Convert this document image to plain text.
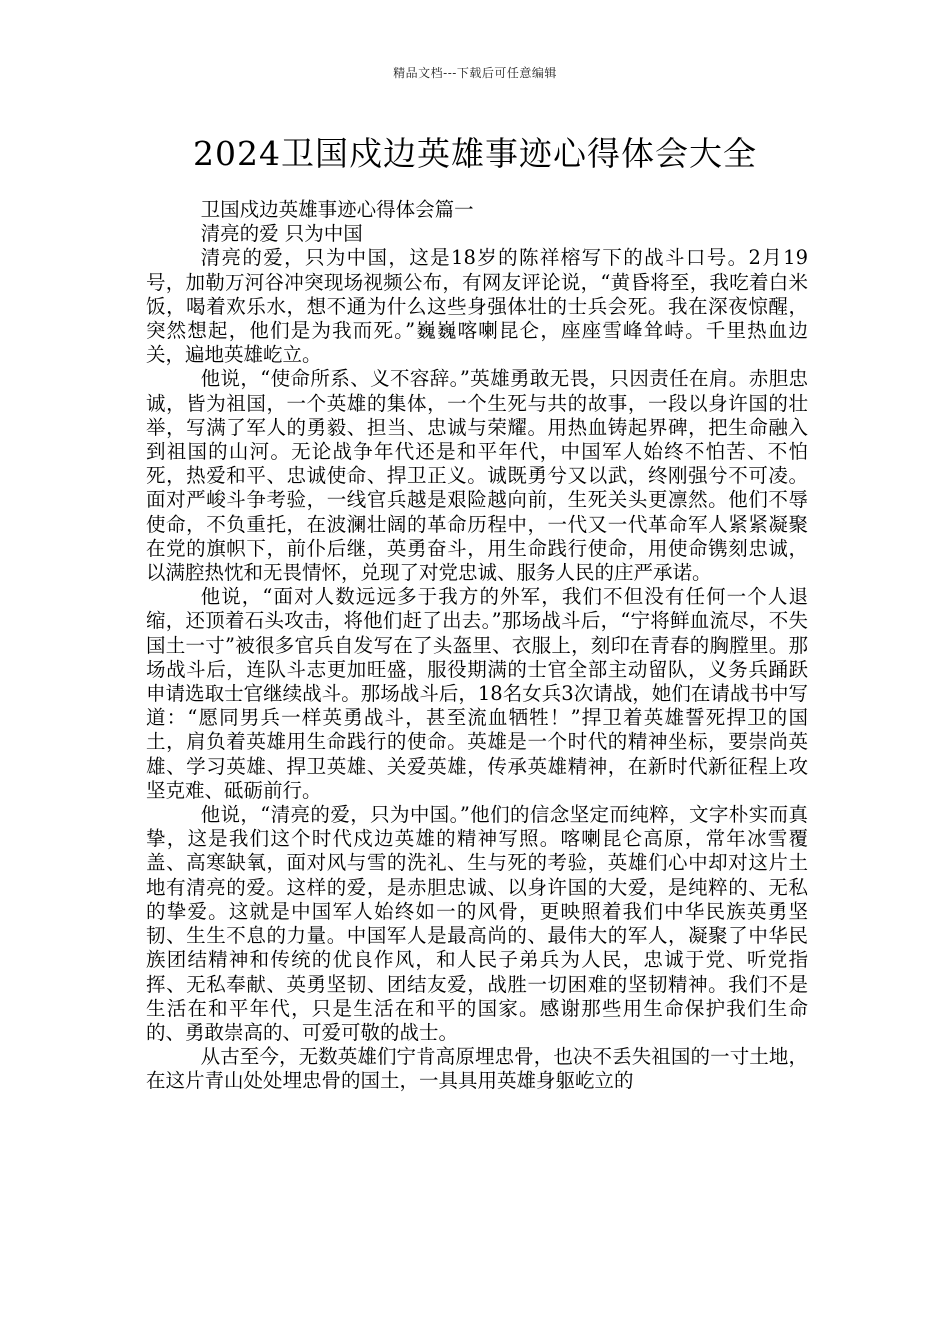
精品文档---下载后可任意编辑
2024卫国戍边英雄事迹心得体会大全

卫国戍边英雄事迹心得体会篇一

清亮的爱 只为中国

清亮的爱，只为中国，这是18岁的陈祥榕写下的战斗口号。2月19号，加勒万河谷冲突现场视频公布，有网友评论说，“黄昏将至，我吃着白米饭，喝着欢乐水，想不通为什么这些身强体壮的士兵会死。我在深夜惊醒，突然想起，他们是为我而死。”巍巍喀喇昆仑，座座雪峰耸峙。千里热血边关，遍地英雄屹立。

他说，“使命所系、义不容辞。”英雄勇敢无畏，只因责任在肩。赤胆忠诚，皆为祖国，一个英雄的集体，一个生死与共的故事，一段以身许国的壮举，写满了军人的勇毅、担当、忠诚与荣耀。用热血铸起界碑，把生命融入到祖国的山河。无论战争年代还是和平年代，中国军人始终不怕苦、不怕死，热爱和平、忠诚使命、捍卫正义。诚既勇兮又以武，终刚强兮不可凌。面对严峻斗争考验，一线官兵越是艰险越向前，生死关头更凛然。他们不辱使命，不负重托，在波澜壮阔的革命历程中，一代又一代革命军人紧紧凝聚在党的旗帜下，前仆后继，英勇奋斗，用生命践行使命，用使命镌刻忠诚，以满腔热忱和无畏情怀，兑现了对党忠诚、服务人民的庄严承诺。

他说，“面对人数远远多于我方的外军，我们不但没有任何一个人退缩，还顶着石头攻击，将他们赶了出去。”那场战斗后，“宁将鲜血流尽，不失国土一寸”被很多官兵自发写在了头盔里、衣服上，刻印在青春的胸膛里。那场战斗后，连队斗志更加旺盛，服役期满的士官全部主动留队，义务兵踊跃申请选取士官继续战斗。那场战斗后，18名女兵3次请战，她们在请战书中写道：“愿同男兵一样英勇战斗，甚至流血牺牲！”捍卫着英雄誓死捍卫的国土，肩负着英雄用生命践行的使命。英雄是一个时代的精神坐标，要崇尚英雄、学习英雄、捍卫英雄、关爱英雄，传承英雄精神，在新时代新征程上攻坚克难、砥砺前行。

他说，“清亮的爱，只为中国。”他们的信念坚定而纯粹，文字朴实而真挚，这是我们这个时代戍边英雄的精神写照。喀喇昆仑高原，常年冰雪覆盖、高寒缺氧，面对风与雪的洗礼、生与死的考验，英雄们心中却对这片土地有清亮的爱。这样的爱，是赤胆忠诚、以身许国的大爱，是纯粹的、无私的挚爱。这就是中国军人始终如一的风骨，更映照着我们中华民族英勇坚韧、生生不息的力量。中国军人是最高尚的、最伟大的军人，凝聚了中华民族团结精神和传统的优良作风，和人民子弟兵为人民，忠诚于党、听党指挥、无私奉献、英勇坚韧、团结友爱，战胜一切困难的坚韧精神。我们不是生活在和平年代，只是生活在和平的国家。感谢那些用生命保护我们生命的、勇敢崇高的、可爱可敬的战士。

从古至今，无数英雄们宁肯高原埋忠骨，也决不丢失祖国的一寸土地，在这片青山处处埋忠骨的国土，一具具用英雄身躯屹立的
